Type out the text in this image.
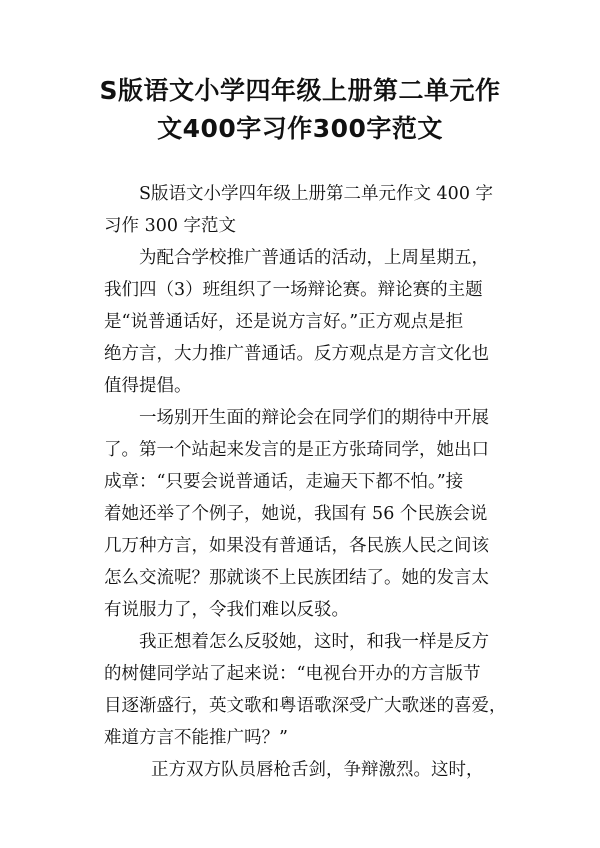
S版语文小学四年级上册第二单元作
文400字习作300字范文

S版语文小学四年级上册第二单元作文 400 字
习作 300 字范文

为配合学校推广普通话的活动，上周星期五，
我们四（3）班组织了一场辩论赛。辩论赛的主题
是“说普通话好，还是说方言好。”正方观点是拒
绝方言，大力推广普通话。反方观点是方言文化也
值得提倡。

一场别开生面的辩论会在同学们的期待中开展
了。第一个站起来发言的是正方张琦同学，她出口
成章：“只要会说普通话，走遍天下都不怕。”接
着她还举了个例子，她说，我国有 56 个民族会说
几万种方言，如果没有普通话，各民族人民之间该
怎么交流呢？那就谈不上民族团结了。她的发言太
有说服力了，令我们难以反驳。

我正想着怎么反驳她，这时，和我一样是反方
的树健同学站了起来说：“电视台开办的方言版节
目逐渐盛行，英文歌和粤语歌深受广大歌迷的喜爱，
难道方言不能推广吗？”

正方双方队员唇枪舌剑，争辩激烈。这时，
